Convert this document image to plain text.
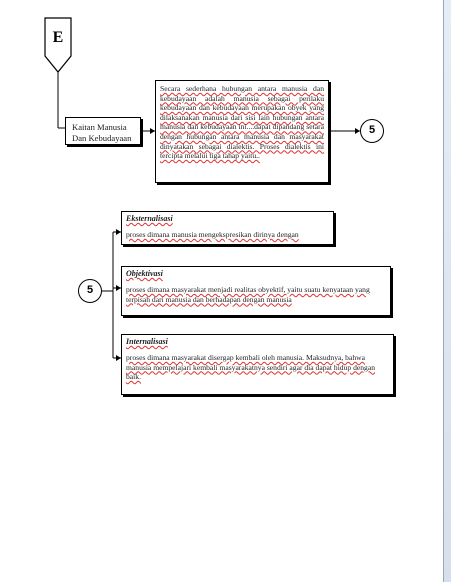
E
Kaitan Manusia
Dan Kebudayaan
Secara sederhana hubungan antara manusia dan kebudayaan adalah manusia sebagai perilaku kebudayaan dan kebudayaan merupakan obyek yang dilaksanakan manusia dari sisi lain hubungan antara manusia dan kebudayaan ini....dapat dipandang setara dengan hubungan antara manusia dan masyarakat dinyatakan sebagai dialektis. Proses dialektis ini tercipta melalui tiga tahap yaitu..
5
5
Eksternalisasi
proses dimana manusia mengekspresikan dirinya dengan
Objektivasi
proses dimana masyarakat menjadi realitas obyektif, yaitu suatu kenyataan yang terpisah dari manusia dan berhadapan dengan manusia
Internalisasi
proses dimana masyarakat disergap kembali oleh manusia. Maksudnya, bahwa manusia mempelajari kembali masyarakatnya sendiri agar dia dapat hidup dengan baik.
